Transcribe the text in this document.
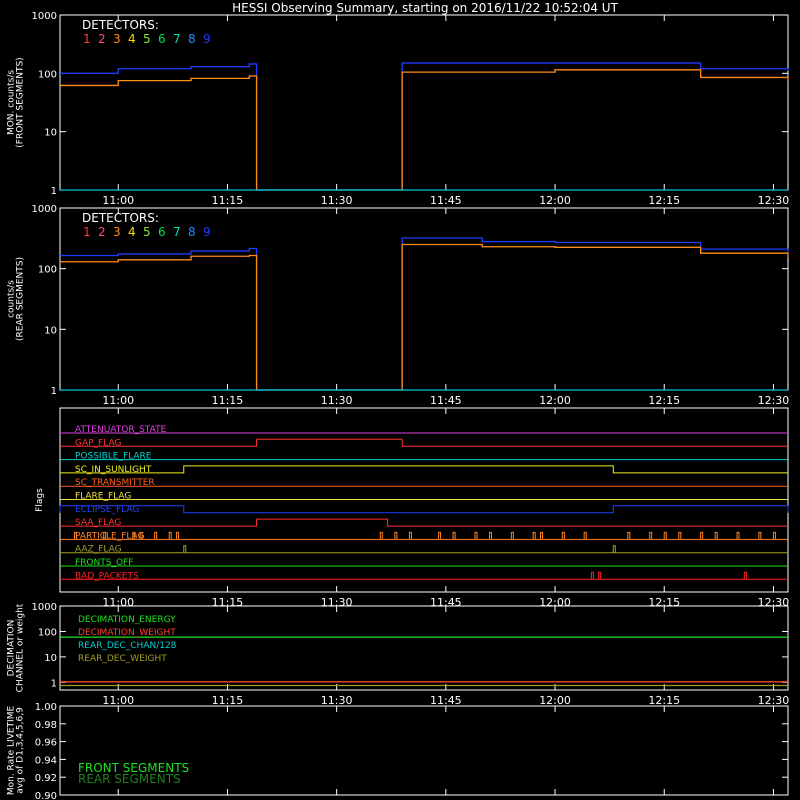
HESSI Observing Summary, starting on 2016/11/22 10:52:04 UT
11:00	11:15	11:30	11:45	12:00	12:15	12:30
MON. counts/s (FRONT SEGMENTS)
1
10
100
1000
DETECTORS:
1 2 3 4 5 6 7 8 9
11:00	11:15	11:30	11:45	12:00	12:15	12:30
counts/s (REAR SEGMENTS)
1
10
100
1000
DETECTORS:
1 2 3 4 5 6 7 8 9
11:00	11:15	11:30	11:45	12:00	12:15	12:30
Flags
ATTENUATOR_STATE
GAP_FLAG
POSSIBLE_FLARE
SC_IN_SUNLIGHT
SC_TRANSMITTER
FLARE_FLAG
ECLIPSE_FLAG
SAA_FLAG
PARTICLE_FLAG
AAZ_FLAG
FRONTS_OFF
BAD_PACKETS
11:00	11:15	11:30	11:45	12:00	12:15	12:30
DECIMATION CHANNEL or weight	1
10
100
1000
DECIMATION_ENERGY
DECIMATION_WEIGHT
REAR_DEC_CHAN/128
REAR_DEC_WEIGHT
Mon. Rate LIVETIME avg of D1,3,4,5,6,9
0.90
0.92
0.94
0.96
0.98
1.00
FRONT SEGMENTS
REAR SEGMENTS
